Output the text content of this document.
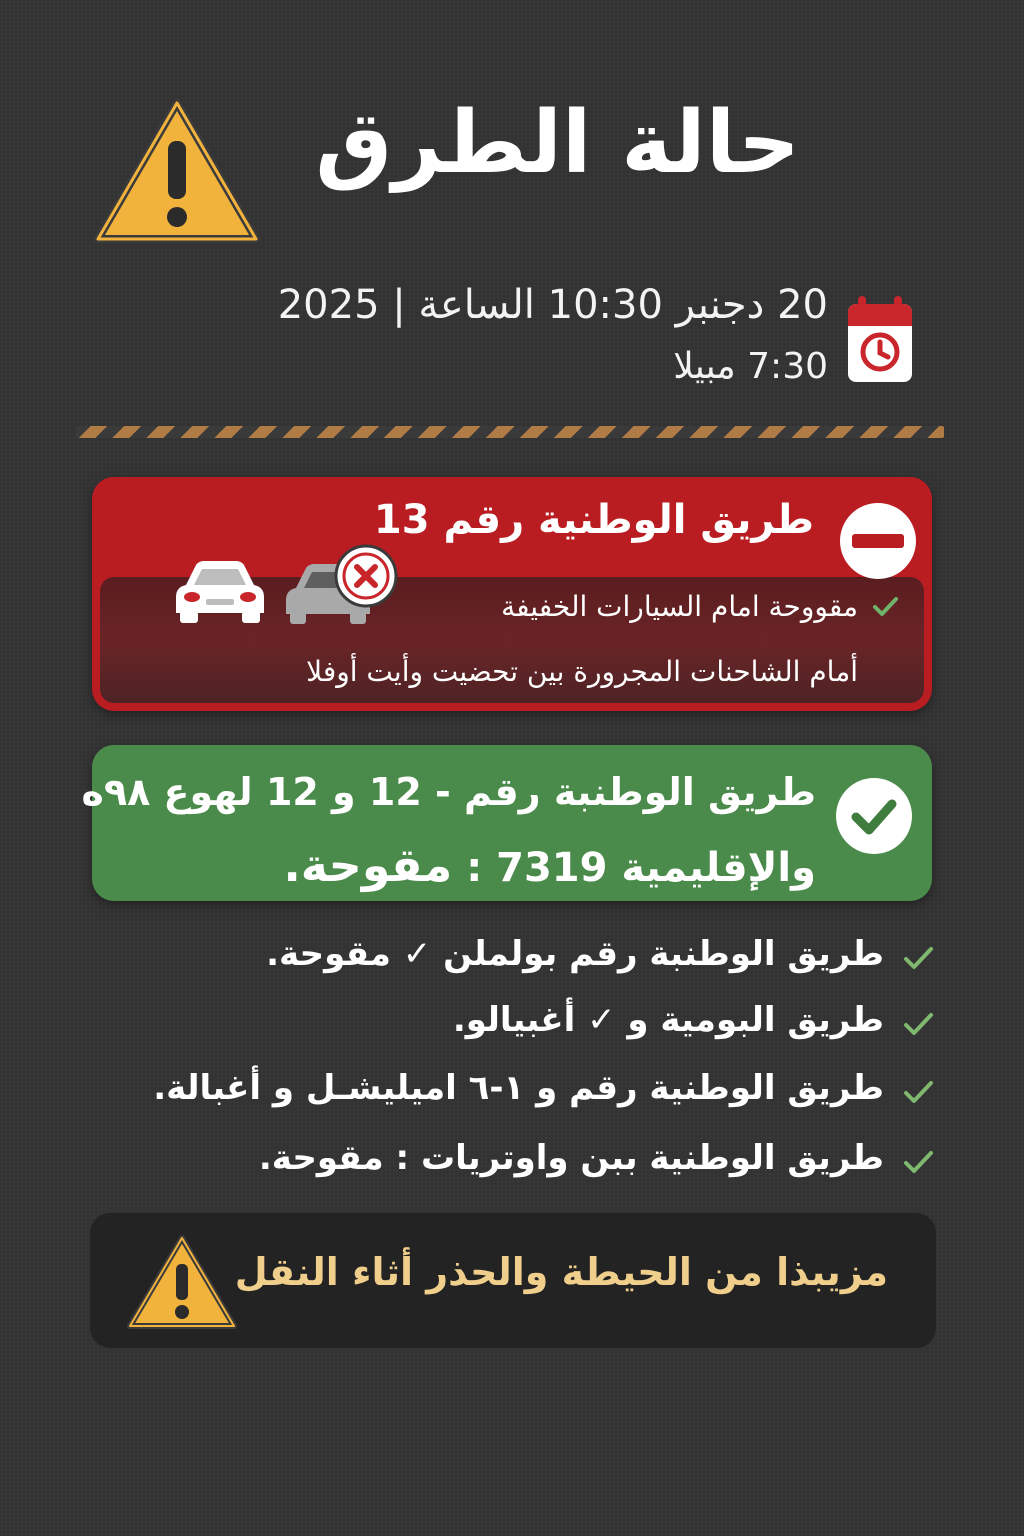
حالة الطرق
20 دجنبر 10:30 الساعة | 2025
7:30 مبيلا
طريق الوطنية رقم 13
مقووحة امام السيارات الخفيفة
أمام الشاحنات المجرورة بين تحضيت وأيت أوفلا
طريق الوطنبة رقم - 12 و 12 لهوع ٩٨ه
والإقليمية 7319 : مقوحة.
طريق الوطنبة رقم بولملن ✓ مقوحة.
طريق البومية و ✓ أغبيالو.
طريق الوطنية رقم و ١-٦ اميليشـل و أغبالة.
طريق الوطنية ببن واوتريات : مقوحة.
مزيبذا من الحيطة والحذر أثاء النقل
